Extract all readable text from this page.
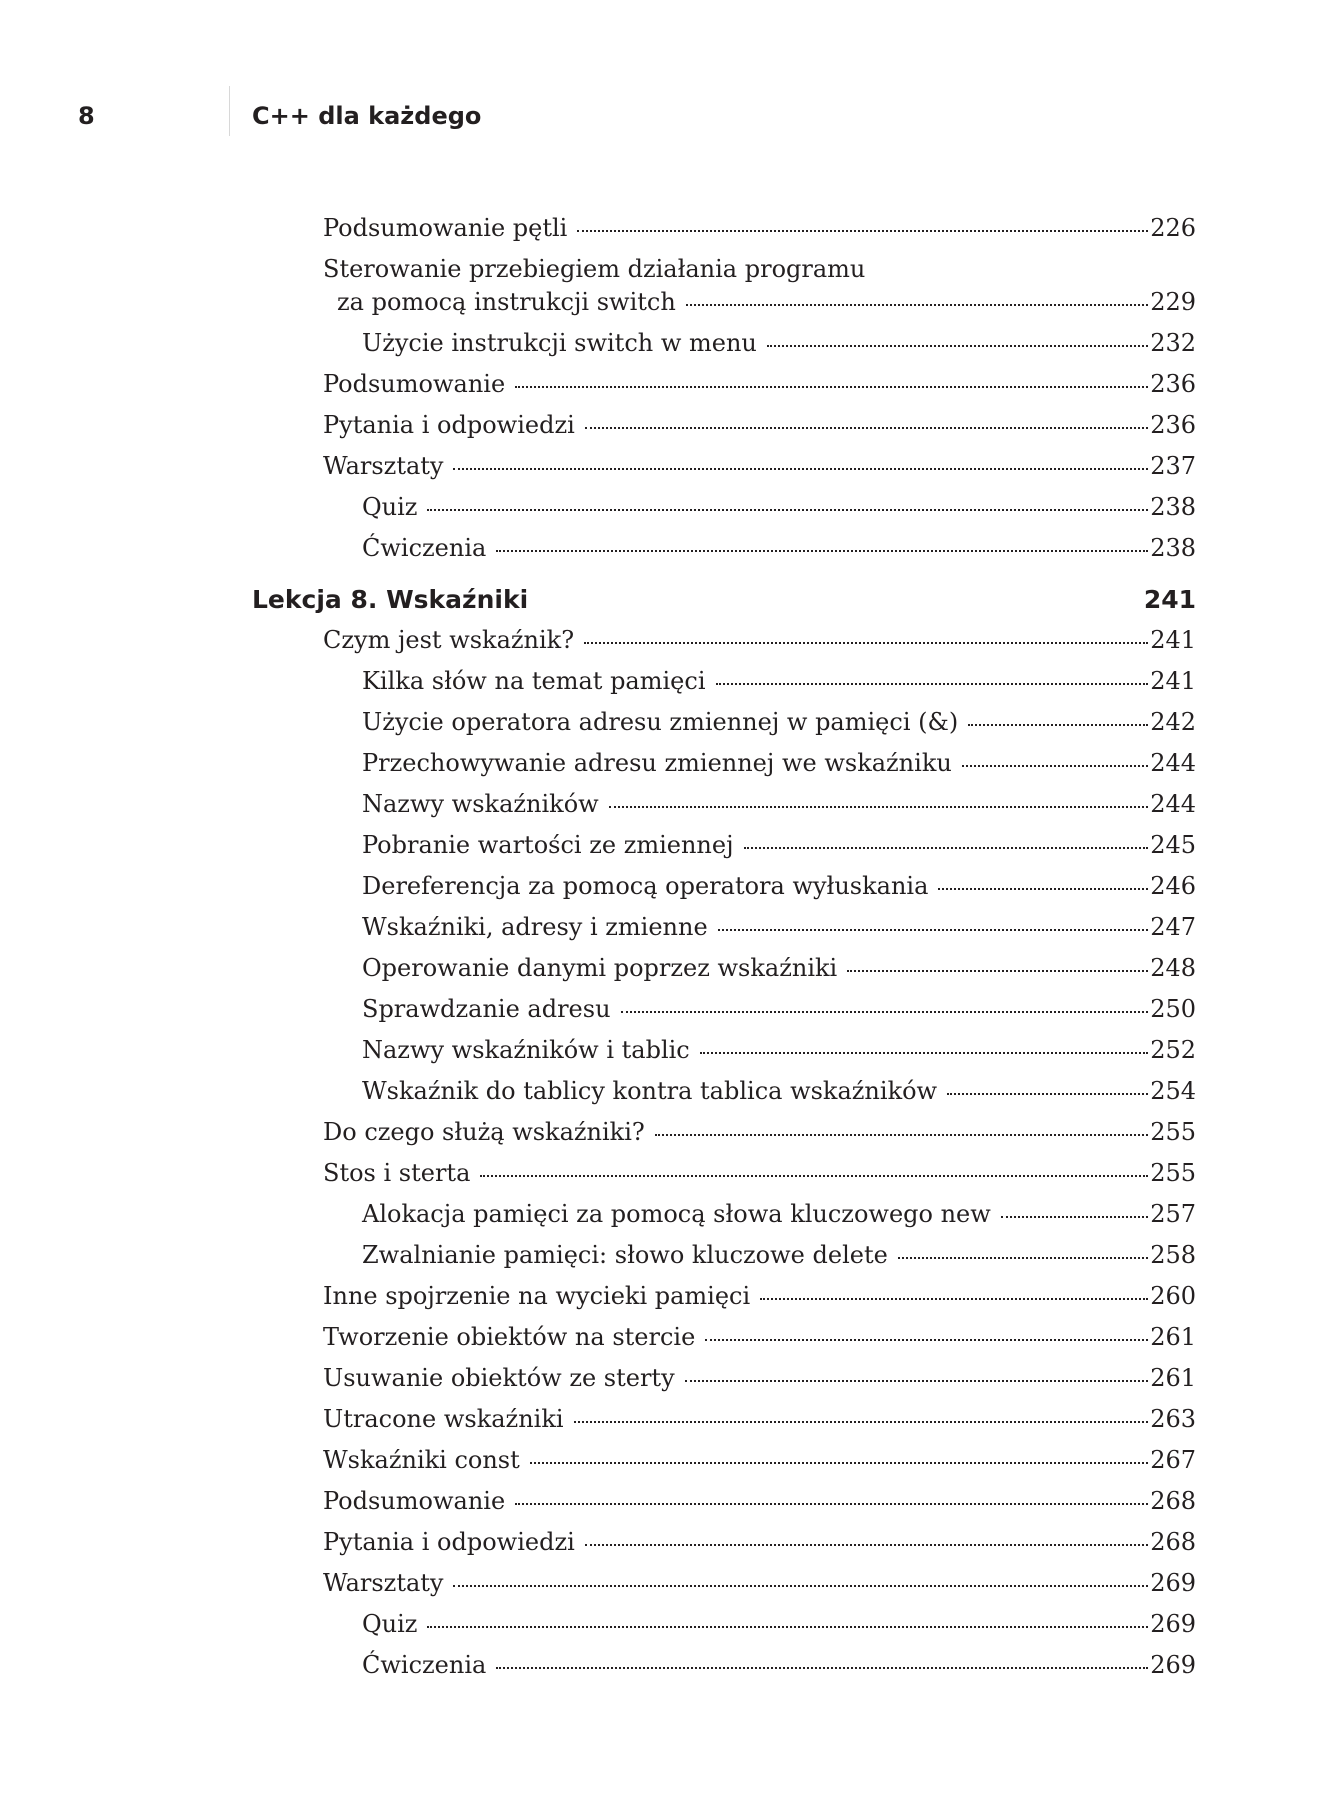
8	C++ dla każdego
Podsumowanie pętli	226
Sterowanie przebiegiem działania programu
za pomocą instrukcji switch	229
Użycie instrukcji switch w menu	232
Podsumowanie	236
Pytania i odpowiedzi	236
Warsztaty	237
Quiz	238
Ćwiczenia	238
Lekcja 8. Wskaźniki	241
Czym jest wskaźnik?	241
Kilka słów na temat pamięci	241
Użycie operatora adresu zmiennej w pamięci (&)	242
Przechowywanie adresu zmiennej we wskaźniku	244
Nazwy wskaźników	244
Pobranie wartości ze zmiennej	245
Dereferencja za pomocą operatora wyłuskania	246
Wskaźniki, adresy i zmienne	247
Operowanie danymi poprzez wskaźniki	248
Sprawdzanie adresu	250
Nazwy wskaźników i tablic	252
Wskaźnik do tablicy kontra tablica wskaźników	254
Do czego służą wskaźniki?	255
Stos i sterta	255
Alokacja pamięci za pomocą słowa kluczowego new	257
Zwalnianie pamięci: słowo kluczowe delete	258
Inne spojrzenie na wycieki pamięci	260
Tworzenie obiektów na stercie	261
Usuwanie obiektów ze sterty	261
Utracone wskaźniki	263
Wskaźniki const	267
Podsumowanie	268
Pytania i odpowiedzi	268
Warsztaty	269
Quiz	269
Ćwiczenia	269
